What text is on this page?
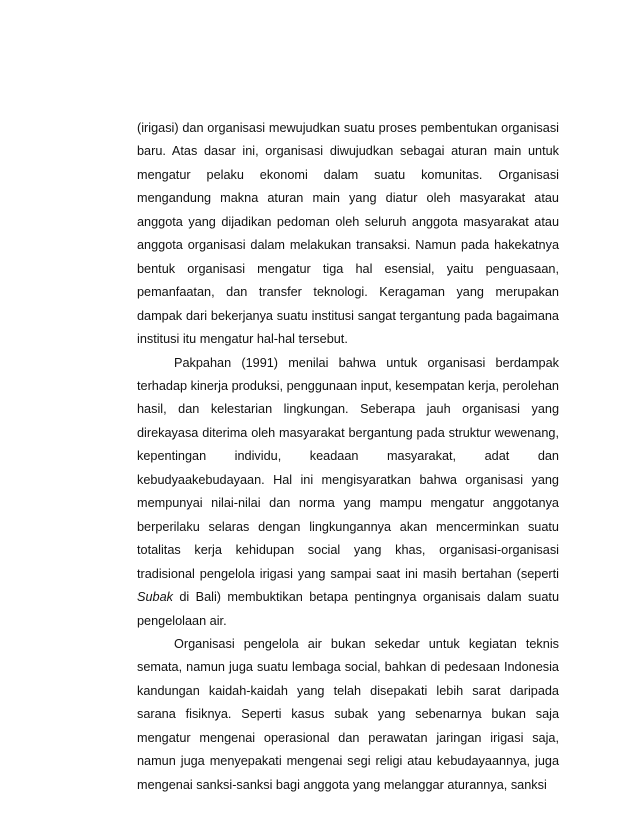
(irigasi) dan organisasi mewujudkan suatu proses pembentukan organisasi baru. Atas dasar ini, organisasi diwujudkan sebagai aturan main untuk mengatur pelaku ekonomi dalam suatu komunitas. Organisasi mengandung makna aturan main yang diatur oleh masyarakat atau anggota yang dijadikan pedoman oleh seluruh anggota masyarakat atau anggota organisasi dalam melakukan transaksi. Namun pada hakekatnya bentuk organisasi mengatur tiga hal esensial, yaitu penguasaan, pemanfaatan, dan transfer teknologi. Keragaman yang merupakan dampak dari bekerjanya suatu institusi sangat tergantung pada bagaimana institusi itu mengatur hal-hal tersebut.

Pakpahan (1991) menilai bahwa untuk organisasi berdampak terhadap kinerja produksi, penggunaan input, kesempatan kerja, perolehan hasil, dan kelestarian lingkungan. Seberapa jauh organisasi yang direkayasa diterima oleh masyarakat bergantung pada struktur wewenang, kepentingan individu, keadaan masyarakat, adat dan kebudyaakebudayaan. Hal ini mengisyaratkan bahwa organisasi yang mempunyai nilai-nilai dan norma yang mampu mengatur anggotanya berperilaku selaras dengan lingkungannya akan mencerminkan suatu totalitas kerja kehidupan social yang khas, organisasi-organisasi tradisional pengelola irigasi yang sampai saat ini masih bertahan (seperti Subak di Bali) membuktikan betapa pentingnya organisais dalam suatu pengelolaan air.

Organisasi pengelola air bukan sekedar untuk kegiatan teknis semata, namun juga suatu lembaga social, bahkan di pedesaan Indonesia kandungan kaidah-kaidah yang telah disepakati lebih sarat daripada sarana fisiknya. Seperti kasus subak yang sebenarnya bukan saja mengatur mengenai operasional dan perawatan jaringan irigasi saja, namun juga menyepakati mengenai segi religi atau kebudayaannya, juga mengenai sanksi-sanksi bagi anggota yang melanggar aturannya, sanksi
